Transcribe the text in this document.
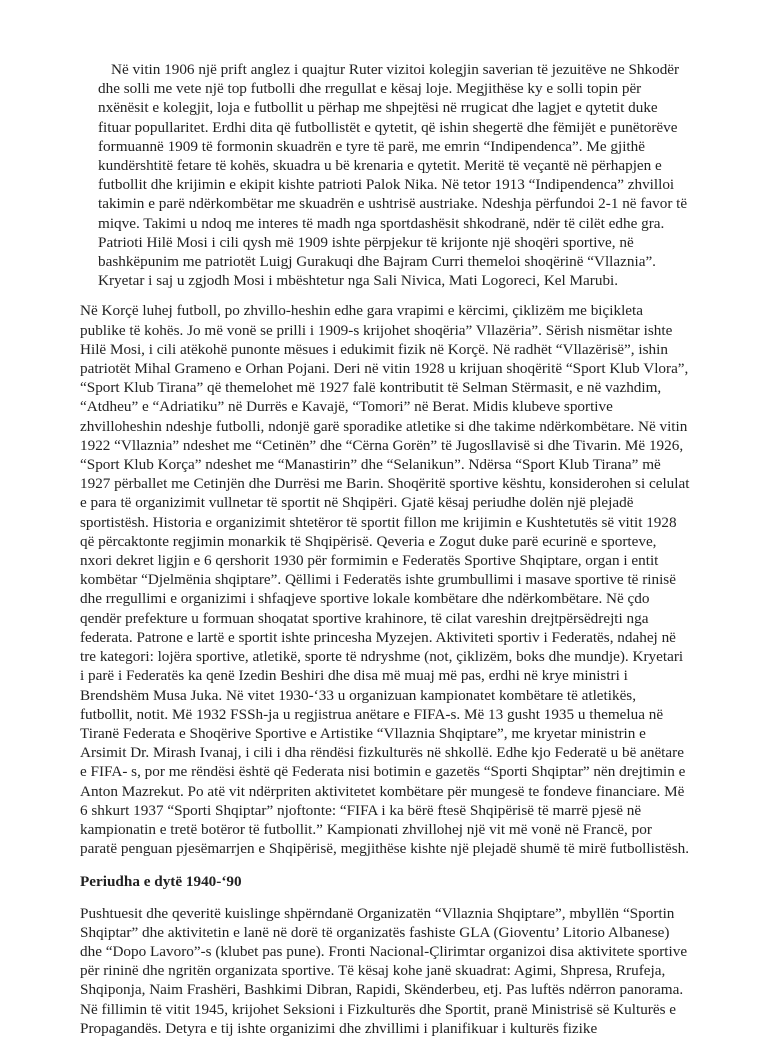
Në vitin 1906 një prift anglez i quajtur Ruter vizitoi kolegjin saverian të jezuitëve ne Shkodër dhe solli me vete një top futbolli dhe rregullat e kësaj loje. Megjithëse ky e solli topin për nxënësit e kolegjit, loja e futbollit u përhap me shpejtësi në rrugicat dhe lagjet e qytetit duke fituar popullaritet. Erdhi dita që futbollistët e qytetit, që ishin shegertë dhe fëmijët e punëtorëve formuannë 1909 të formonin skuadrën e tyre të parë, me emrin “Indipendenca”. Me gjithë kundërshtitë fetare të kohës, skuadra u bë krenaria e qytetit. Meritë të veçantë në përhapjen e futbollit dhe krijimin e ekipit kishte patrioti Palok Nika. Në tetor 1913 “Indipendenca” zhvilloi takimin e parë ndërkombëtar me skuadrën e ushtrisë austriake. Ndeshja përfundoi 2-1 në favor të miqve. Takimi u ndoq me interes të madh nga sportdashësit shkodranë, ndër të cilët edhe gra. Patrioti Hilë Mosi i cili qysh më 1909 ishte përpjekur të krijonte një shoqëri sportive, në bashkëpunim me patriotët Luigj Gurakuqi dhe Bajram Curri themeloi shoqërinë “Vllaznia”. Kryetar i saj u zgjodh Mosi i mbështetur nga Sali Nivica, Mati Logoreci, Kel Marubi.

Në Korçë luhej futboll, po zhvillo-heshin edhe gara vrapimi e kërcimi, çiklizëm me biçikleta publike të kohës. Jo më vonë se prilli i 1909-s krijohet shoqëria” Vllazëria”. Sërish nismëtar ishte Hilë Mosi, i cili atëkohë punonte mësues i edukimit fizik në Korçë. Në radhët “Vllazërisë”, ishin patriotët Mihal Grameno e Orhan Pojani. Deri në vitin 1928 u krijuan shoqëritë “Sport Klub Vlora”, “Sport Klub Tirana” që themelohet më 1927 falë kontributit të Selman Stërmasit, e në vazhdim, “Atdheu” e “Adriatiku” në Durrës e Kavajë, “Tomori” në Berat. Midis klubeve sportive zhvilloheshin ndeshje futbolli, ndonjë garë sporadike atletike si dhe takime ndërkombëtare. Në vitin 1922 “Vllaznia” ndeshet me “Cetinën” dhe “Cërna Gorën” të Jugosllavisë si dhe Tivarin. Më 1926, “Sport Klub Korça” ndeshet me “Manastirin” dhe “Selanikun”. Ndërsa “Sport Klub Tirana” më 1927 përballet me Cetinjën dhe Durrësi me Barin. Shoqëritë sportive kështu, konsiderohen si celulat e para të organizimit vullnetar të sportit në Shqipëri. Gjatë kësaj periudhe dolën një plejadë sportistësh. Historia e organizimit shtetëror të sportit fillon me krijimin e Kushtetutës së vitit 1928 që përcaktonte regjimin monarkik të Shqipërisë. Qeveria e Zogut duke parë ecurinë e sporteve, nxori dekret ligjin e 6 qershorit 1930 për formimin e Federatës Sportive Shqiptare, organ i entit kombëtar “Djelmënia shqiptare”. Qëllimi i Federatës ishte grumbullimi i masave sportive të rinisë dhe rregullimi e organizimi i shfaqjeve sportive lokale kombëtare dhe ndërkombëtare. Në çdo qendër prefekture u formuan shoqatat sportive krahinore, të cilat vareshin drejtpërsëdrejti nga federata. Patrone e lartë e sportit ishte princesha Myzejen. Aktiviteti sportiv i Federatës, ndahej në tre kategori: lojëra sportive, atletikë, sporte të ndryshme (not, çiklizëm, boks dhe mundje). Kryetari i parë i Federatës ka qenë Izedin Beshiri dhe disa më muaj më pas, erdhi në krye ministri i Brendshëm Musa Juka. Në vitet 1930-‘33 u organizuan kampionatet kombëtare të atletikës, futbollit, notit. Më 1932 FSSh-ja u regjistrua anëtare e FIFA-s. Më 13 gusht 1935 u themelua në Tiranë Federata e Shoqërive Sportive e Artistike “Vllaznia Shqiptare”, me kryetar ministrin e Arsimit Dr. Mirash Ivanaj, i cili i dha rëndësi fizkulturës në shkollë. Edhe kjo Federatë u bë anëtare e FIFA- s, por me rëndësi është që Federata nisi botimin e gazetës “Sporti Shqiptar” nën drejtimin e Anton Mazrekut. Po atë vit ndërpriten aktivitetet kombëtare për mungesë te fondeve financiare. Më 6 shkurt 1937 “Sporti Shqiptar” njoftonte: “FIFA i ka bërë ftesë Shqipërisë të marrë pjesë në kampionatin e tretë botëror të futbollit.” Kampionati zhvillohej një vit më vonë në Francë, por paratë penguan pjesëmarrjen e Shqipërisë, megjithëse kishte një plejadë shumë të mirë futbollistësh.

Periudha e dytë 1940-‘90

Pushtuesit dhe qeveritë kuislinge shpërndanë Organizatën “Vllaznia Shqiptare”, mbyllën “Sportin Shqiptar” dhe aktivitetin e lanë në dorë të organizatës fashiste GLA (Gioventu’ Litorio Albanese) dhe “Dopo Lavoro”-s (klubet pas pune). Fronti Nacional-Çlirimtar organizoi disa aktivitete sportive për rininë dhe ngritën organizata sportive. Të kësaj kohe janë skuadrat: Agimi, Shpresa, Rrufeja, Shqiponja, Naim Frashëri, Bashkimi Dibran, Rapidi, Skënderbeu, etj. Pas luftës ndërron panorama. Në fillimin të vitit 1945, krijohet Seksioni i Fizkulturës dhe Sportit, pranë Ministrisë së Kulturës e Propagandës. Detyra e tij ishte organizimi dhe zhvillimi i planifikuar i kulturës fizike
